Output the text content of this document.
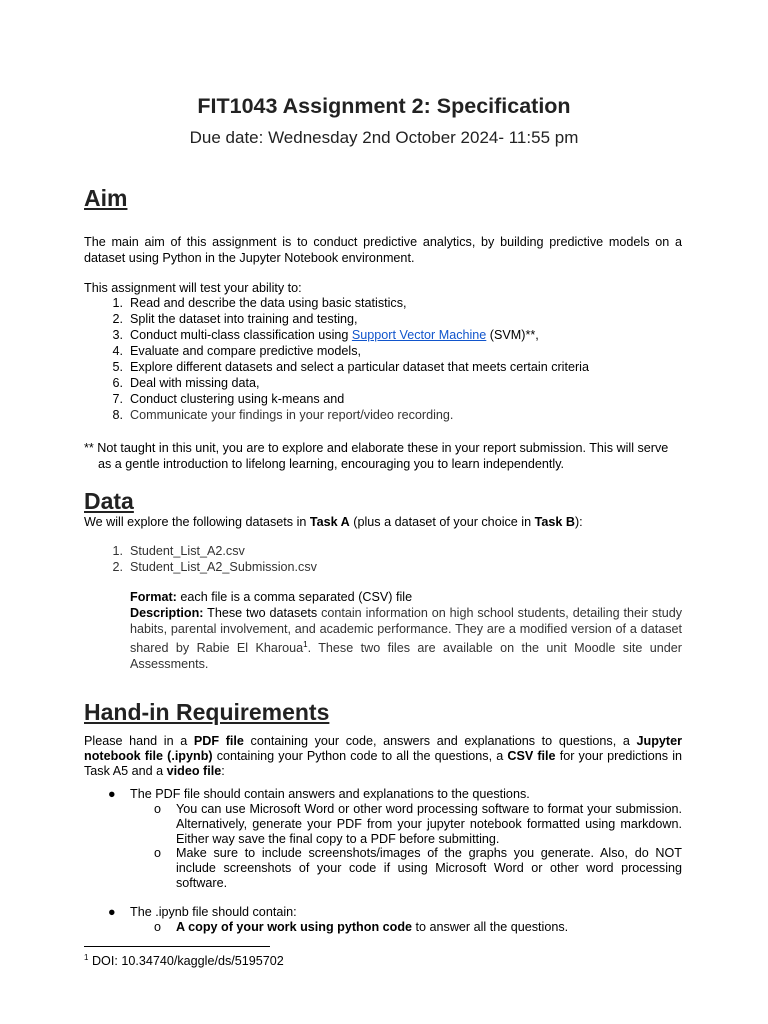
FIT1043 Assignment 2: Specification
Due date: Wednesday 2nd October 2024- 11:55 pm
Aim

The main aim of this assignment is to conduct predictive analytics, by building predictive models on a dataset using Python in the Jupyter Notebook environment.

This assignment will test your ability to:

1. Read and describe the data using basic statistics,
2. Split the dataset into training and testing,
3. Conduct multi-class classification using Support Vector Machine (SVM)**,
4. Evaluate and compare predictive models,
5. Explore different datasets and select a particular dataset that meets certain criteria
6. Deal with missing data,
7. Conduct clustering using k-means and
8. Communicate your findings in your report/video recording.
** Not taught in this unit, you are to explore and elaborate these in your report submission. This will serve
as a gentle introduction to lifelong learning, encouraging you to learn independently.
Data

We will explore the following datasets in Task A (plus a dataset of your choice in Task B):

1. Student_List_A2.csv
2. Student_List_A2_Submission.csv

Format: each file is a comma separated (CSV) file

Description: These two datasets contain information on high school students, detailing their study habits, parental involvement, and academic performance. They are a modified version of a dataset shared by Rabie El Kharoua$^1$. These two files are available on the unit Moodle site under Assessments.

Hand-in Requirements

Please hand in a PDF file containing your code, answers and explanations to questions, a Jupyter notebook file (.ipynb) containing your Python code to all the questions, a CSV file for your predictions in Task A5 and a video file:

● The PDF file should contain answers and explanations to the questions.
o You can use Microsoft Word or other word processing software to format your submission. Alternatively, generate your PDF from your jupyter notebook formatted using markdown. Either way save the final copy to a PDF before submitting.
o Make sure to include screenshots/images of the graphs you generate. Also, do NOT include screenshots of your code if using Microsoft Word or other word processing software.
● The .ipynb file should contain:
o A copy of your work using python code to answer all the questions.
$^1$ DOI: 10.34740/kaggle/ds/5195702
